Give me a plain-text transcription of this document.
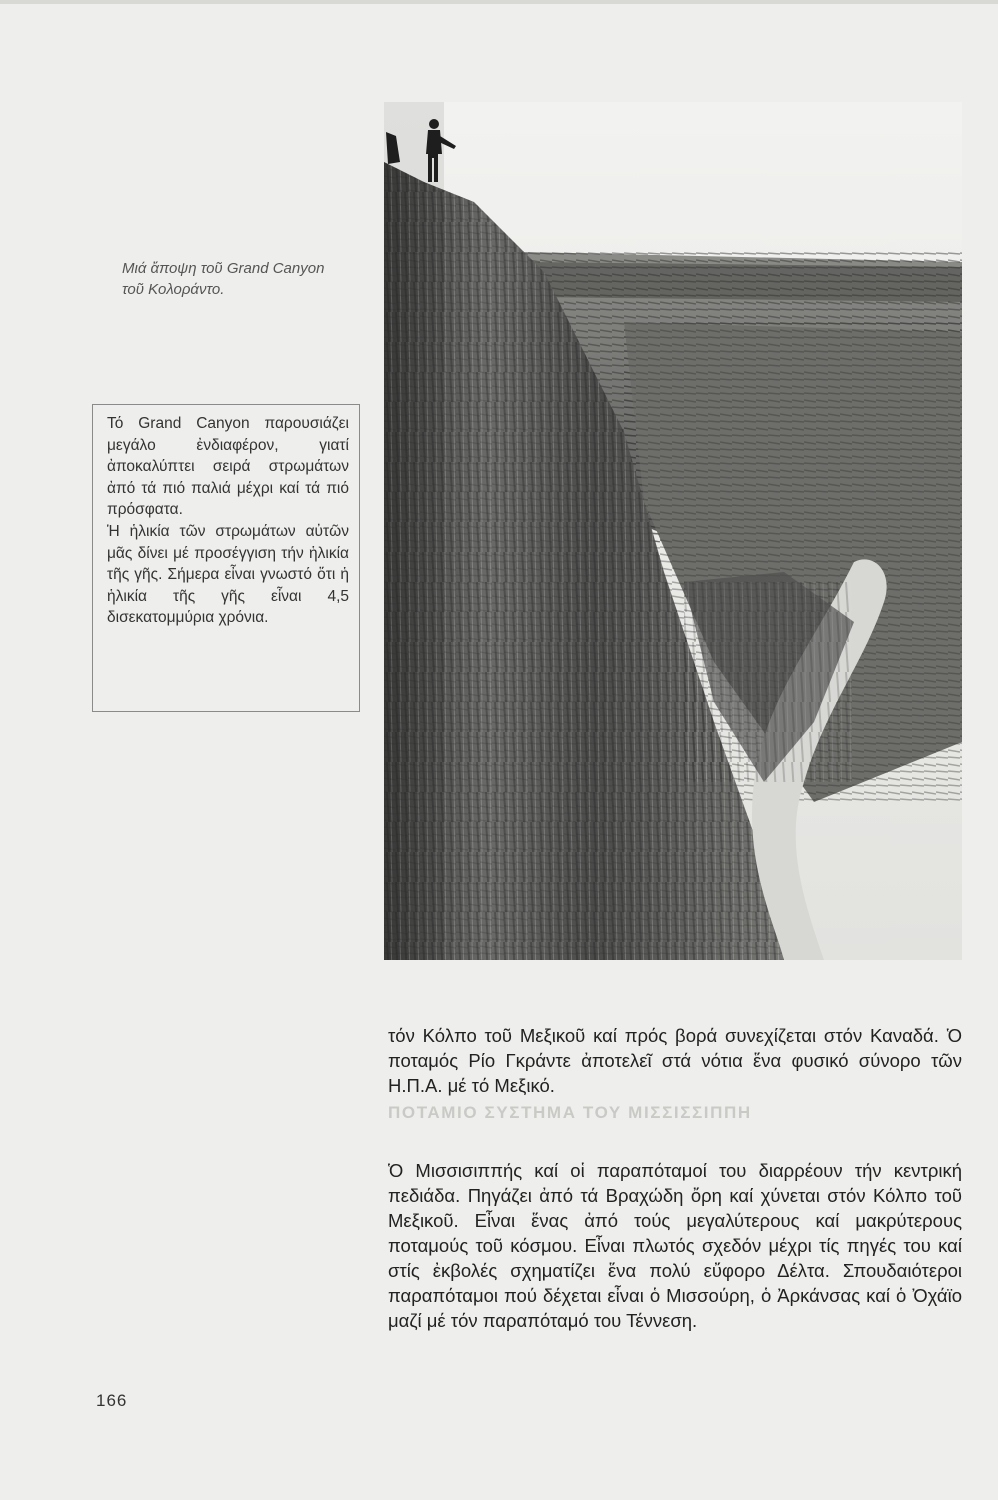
Μιά ἄποψη τοῦ Grand Canyon
τοῦ Κολοράντο.

Τό Grand Canyon παρουσιάζει μεγάλο ἐνδιαφέρον, γιατί ἀποκαλύπτει σειρά στρωμάτων ἀπό τά πιό παλιά μέχρι καί τά πιό πρόσφατα.

Ἡ ἡλικία τῶν στρωμάτων αὐτῶν μᾶς δίνει μέ προσέγγιση τήν ἡλικία τῆς γῆς. Σήμερα εἶναι γνωστό ὅτι ἡ ἡλικία τῆς γῆς εἶναι 4,5 δισεκατομμύρια χρόνια.

τόν Κόλπο τοῦ Μεξικοῦ καί πρός βορά συνεχίζεται στόν Καναδά. Ὁ ποταμός Ρίο Γκράντε ἀποτελεῖ στά νότια ἕνα φυσικό σύνορο τῶν Η.Π.Α. μέ τό Μεξικό.

ΠΟΤΑΜΙΟ ΣΥΣΤΗΜΑ ΤΟΥ ΜΙΣΣΙΣΣΙΠΠΗ

Ὁ Μισσισιππής καί οἱ παραπόταμοί του διαρρέουν τήν κεντρική πεδιάδα. Πηγάζει ἀπό τά Βραχώδη ὄρη καί χύνεται στόν Κόλπο τοῦ Μεξικοῦ. Εἶναι ἕνας ἀπό τούς μεγαλύτερους καί μακρύτερους ποταμούς τοῦ κόσμου. Εἶναι πλωτός σχεδόν μέχρι τίς πηγές του καί στίς ἐκβολές σχηματίζει ἕνα πολύ εὔφορο Δέλτα. Σπουδαιότεροι παραπόταμοι πού δέχεται εἶναι ὁ Μισσούρη, ὁ Ἀρκάνσας καί ὁ Ὀχάϊο μαζί μέ τόν παραπόταμό του Τέννεση.

166
